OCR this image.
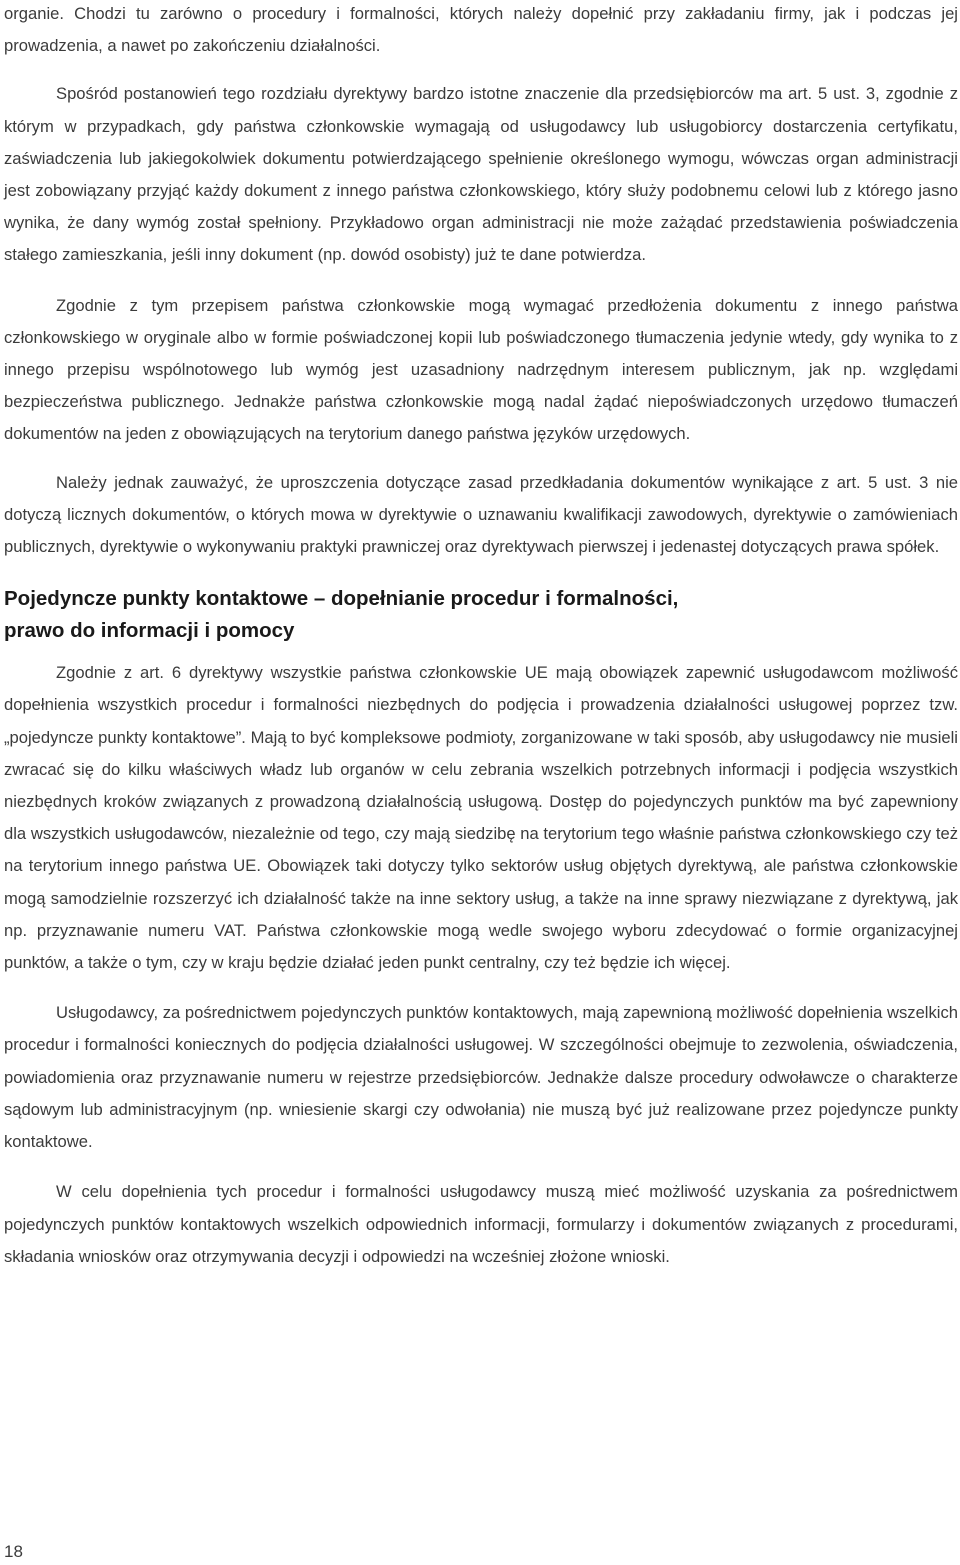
organie. Chodzi tu zarówno o procedury i formalności, których należy dopełnić przy zakładaniu firmy, jak i podczas jej prowadzenia, a nawet po zakończeniu działalności.

Spośród postanowień tego rozdziału dyrektywy bardzo istotne znaczenie dla przedsiębiorców ma art. 5 ust. 3, zgodnie z którym w przypadkach, gdy państwa członkowskie wymagają od usługodawcy lub usługobiorcy dostarczenia certyfikatu, zaświadczenia lub jakiegokolwiek dokumentu potwierdzającego spełnienie określonego wymogu, wówczas organ administracji jest zobowiązany przyjąć każdy dokument z innego państwa członkowskiego, który służy podobnemu celowi lub z którego jasno wynika, że dany wymóg został spełniony. Przykładowo organ administracji nie może zażądać przedstawienia poświadczenia stałego zamieszkania, jeśli inny dokument (np. dowód osobisty) już te dane potwierdza.

Zgodnie z tym przepisem państwa członkowskie mogą wymagać przedłożenia dokumentu z innego państwa członkowskiego w oryginale albo w formie poświadczonej kopii lub poświadczonego tłumaczenia jedynie wtedy, gdy wynika to z innego przepisu wspólnotowego lub wymóg jest uzasadniony nadrzędnym interesem publicznym, jak np. względami bezpieczeństwa publicznego. Jednakże państwa członkowskie mogą nadal żądać niepoświadczonych urzędowo tłumaczeń dokumentów na jeden z obowiązujących na terytorium danego państwa języków urzędowych.

Należy jednak zauważyć, że uproszczenia dotyczące zasad przedkładania dokumentów wynikające z art. 5 ust. 3 nie dotyczą licznych dokumentów, o których mowa w dyrektywie o uznawaniu kwalifikacji zawodowych, dyrektywie o zamówieniach publicznych, dyrektywie o wykonywaniu praktyki prawniczej oraz dyrektywach pierwszej i jedenastej dotyczących prawa spółek.

Pojedyncze punkty kontaktowe – dopełnianie procedur i formalności,
prawo do informacji i pomocy

Zgodnie z art. 6 dyrektywy wszystkie państwa członkowskie UE mają obowiązek zapewnić usługodawcom możliwość dopełnienia wszystkich procedur i formalności niezbędnych do podjęcia i prowadzenia działalności usługowej poprzez tzw. „pojedyncze punkty kontaktowe”. Mają to być kompleksowe podmioty, zorganizowane w taki sposób, aby usługodawcy nie musieli zwracać się do kilku właściwych władz lub organów w celu zebrania wszelkich potrzebnych informacji i podjęcia wszystkich niezbędnych kroków związanych z prowadzoną działalnością usługową. Dostęp do pojedynczych punktów ma być zapewniony dla wszystkich usługodawców, niezależnie od tego, czy mają siedzibę na terytorium tego właśnie państwa członkowskiego czy też na terytorium innego państwa UE. Obowiązek taki dotyczy tylko sektorów usług objętych dyrektywą, ale państwa członkowskie mogą samodzielnie rozszerzyć ich działalność także na inne sektory usług, a także na inne sprawy niezwiązane z dyrektywą, jak np. przyznawanie numeru VAT. Państwa członkowskie mogą wedle swojego wyboru zdecydować o formie organizacyjnej punktów, a także o tym, czy w kraju będzie działać jeden punkt centralny, czy też będzie ich więcej.

Usługodawcy, za pośrednictwem pojedynczych punktów kontaktowych, mają zapewnioną możliwość dopełnienia wszelkich procedur i formalności koniecznych do podjęcia działalności usługowej. W szczególności obejmuje to zezwolenia, oświadczenia, powiadomienia oraz przyznawanie numeru w rejestrze przedsiębiorców. Jednakże dalsze procedury odwoławcze o charakterze sądowym lub administracyjnym (np. wniesienie skargi czy odwołania) nie muszą być już realizowane przez pojedyncze punkty kontaktowe.

W celu dopełnienia tych procedur i formalności usługodawcy muszą mieć możliwość uzyskania za pośrednictwem pojedynczych punktów kontaktowych wszelkich odpowiednich informacji, formularzy i dokumentów związanych z procedurami, składania wniosków oraz otrzymywania decyzji i odpowiedzi na wcześniej złożone wnioski.

18
